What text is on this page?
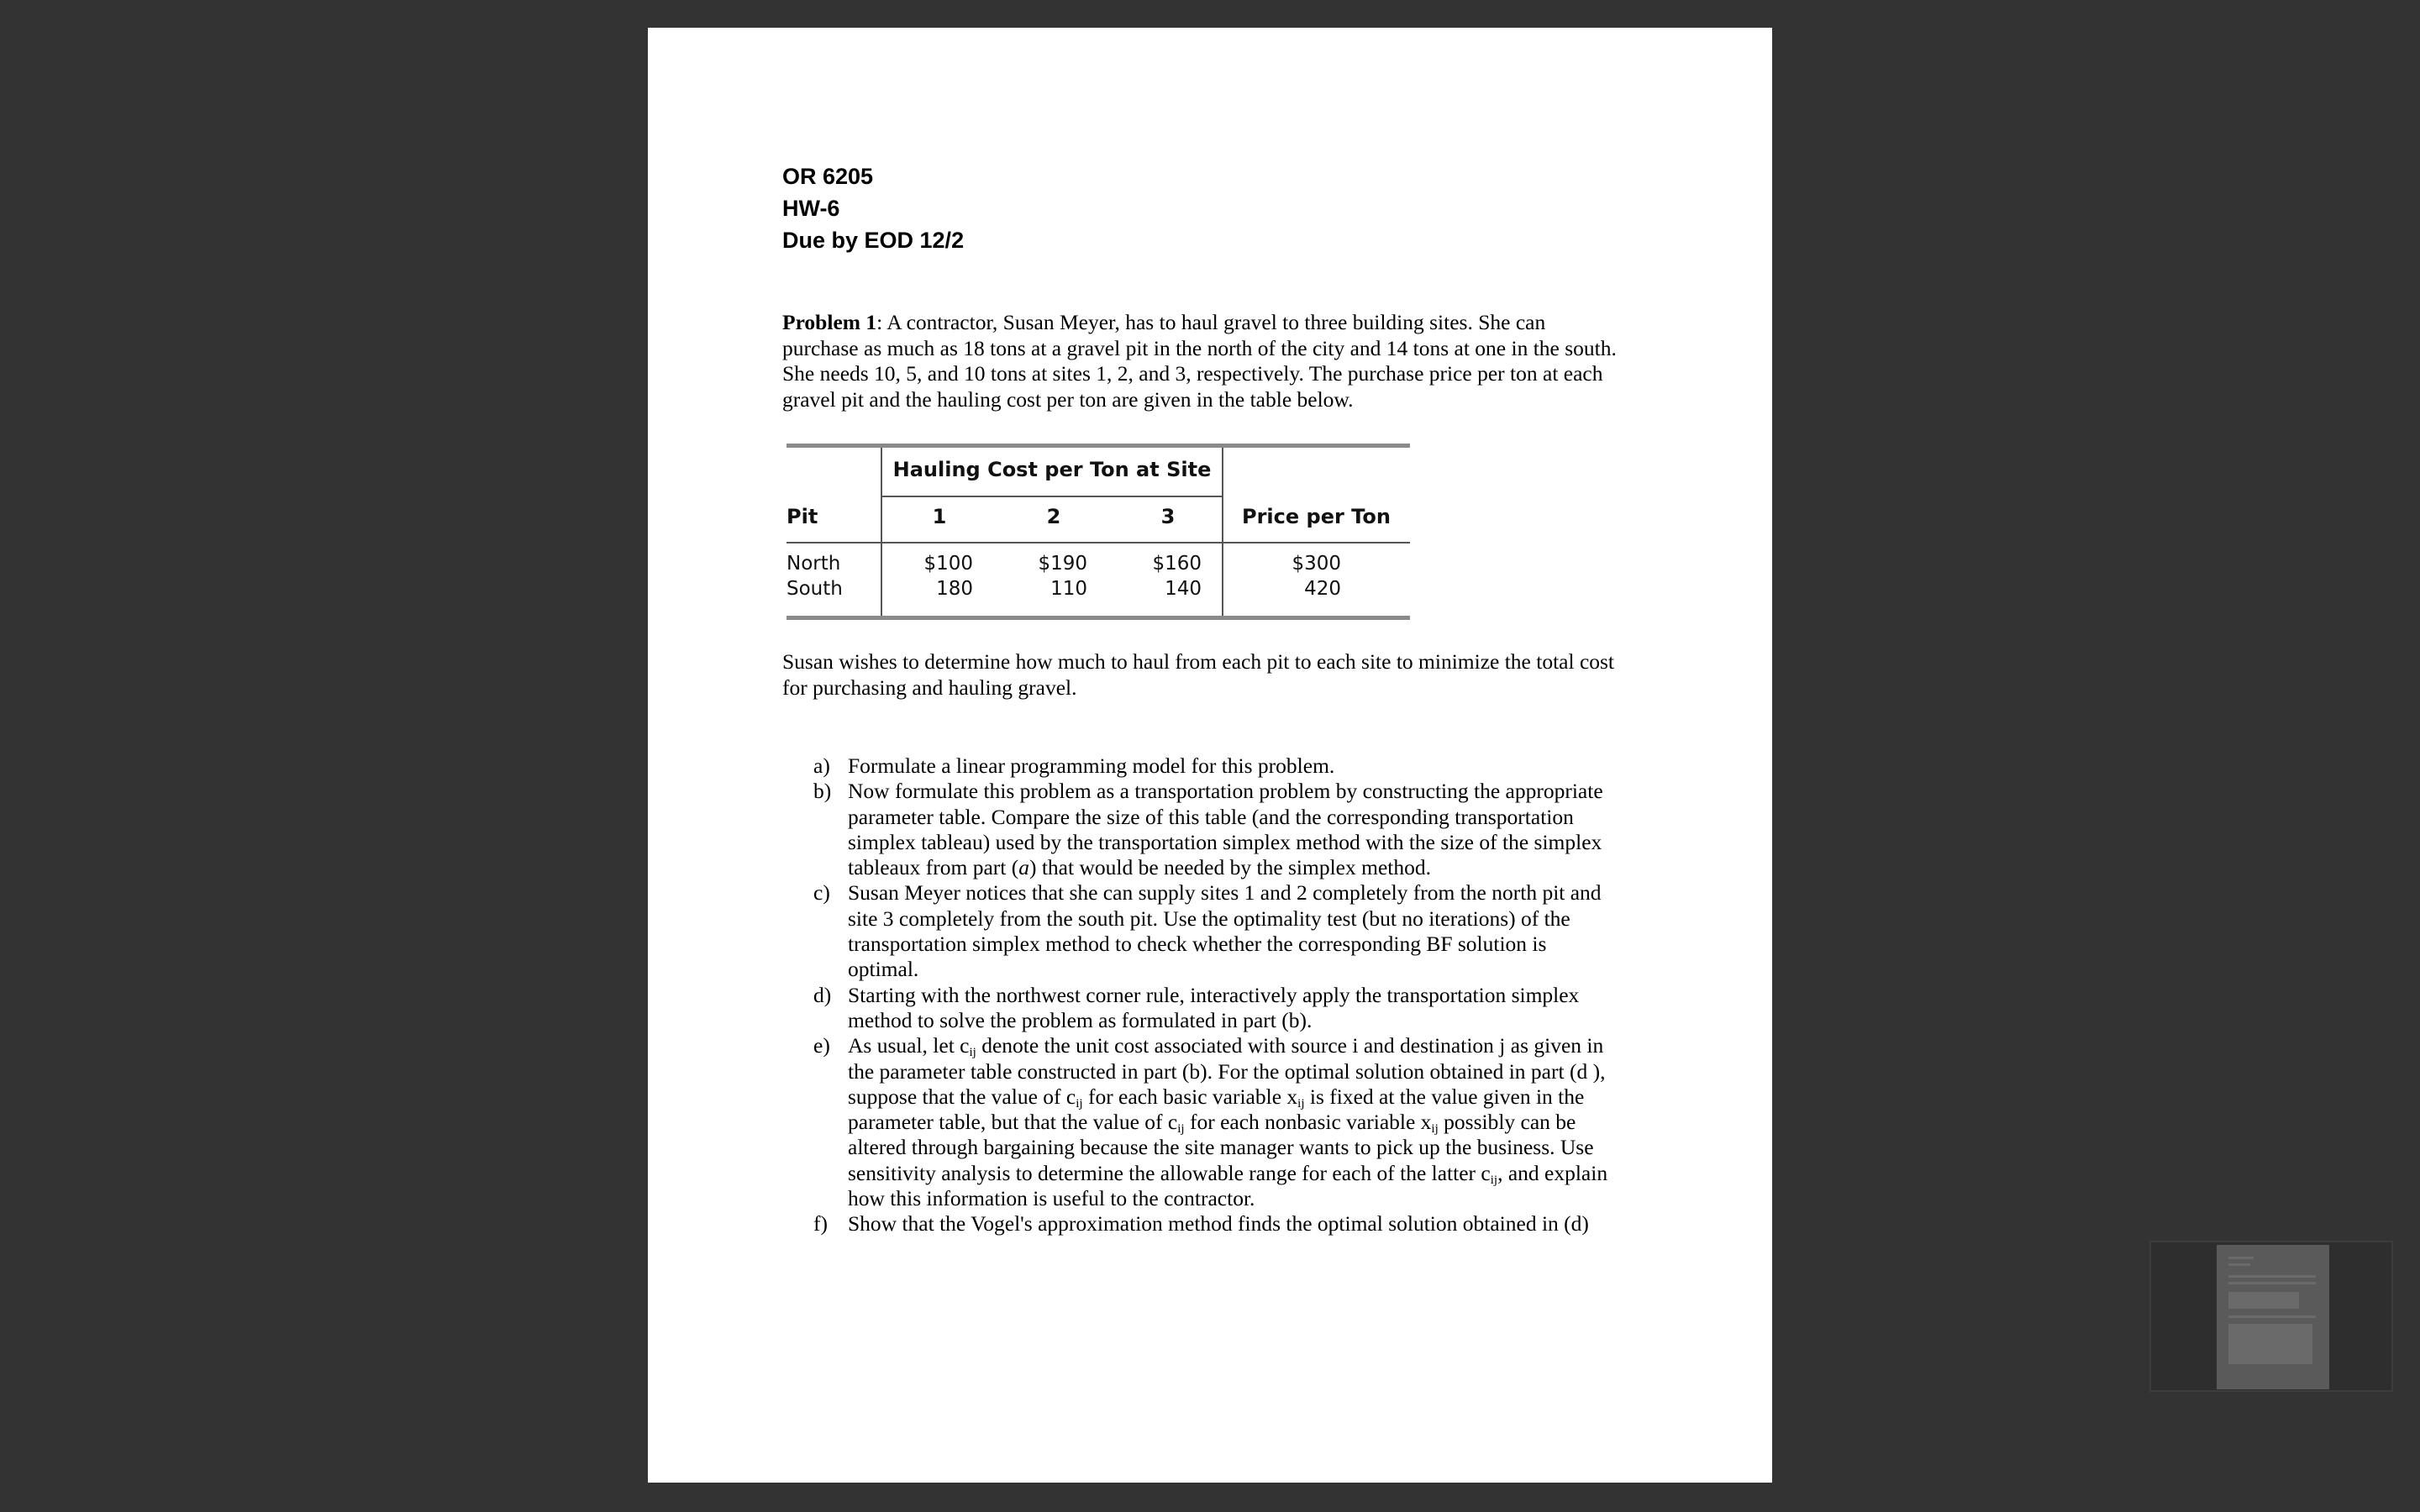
OR 6205

HW-6

Due by EOD 12/2

Problem 1: A contractor, Susan Meyer, has to haul gravel to three building sites. She can
purchase as much as 18 tons at a gravel pit in the north of the city and 14 tons at one in the south.
She needs 10, 5, and 10 tons at sites 1, 2, and 3, respectively. The purchase price per ton at each
gravel pit and the hauling cost per ton are given in the table below.
Hauling Cost per Ton at Site
Pit	1	2	3	Price per Ton
North	$100	$190	$160	$300
South	180	110	140	420
Susan wishes to determine how much to haul from each pit to each site to minimize the total cost
for purchasing and hauling gravel.
a) Formulate a linear programming model for this problem.
b) Now formulate this problem as a transportation problem by constructing the appropriate
parameter table. Compare the size of this table (and the corresponding transportation
simplex tableau) used by the transportation simplex method with the size of the simplex
tableaux from part (a) that would be needed by the simplex method.
c) Susan Meyer notices that she can supply sites 1 and 2 completely from the north pit and
site 3 completely from the south pit. Use the optimality test (but no iterations) of the
transportation simplex method to check whether the corresponding BF solution is
optimal.
d) Starting with the northwest corner rule, interactively apply the transportation simplex
method to solve the problem as formulated in part (b).
e) As usual, let $c_{ij}$ denote the unit cost associated with source i and destination j as given in
the parameter table constructed in part (b). For the optimal solution obtained in part (d ),
suppose that the value of $c_{ij}$ for each basic variable $x_{ij}$ is fixed at the value given in the
parameter table, but that the value of $c_{ij}$ for each nonbasic variable $x_{ij}$ possibly can be
altered through bargaining because the site manager wants to pick up the business. Use
sensitivity analysis to determine the allowable range for each of the latter $c_{ij}$, and explain
how this information is useful to the contractor.
f) Show that the Vogel's approximation method finds the optimal solution obtained in (d)
